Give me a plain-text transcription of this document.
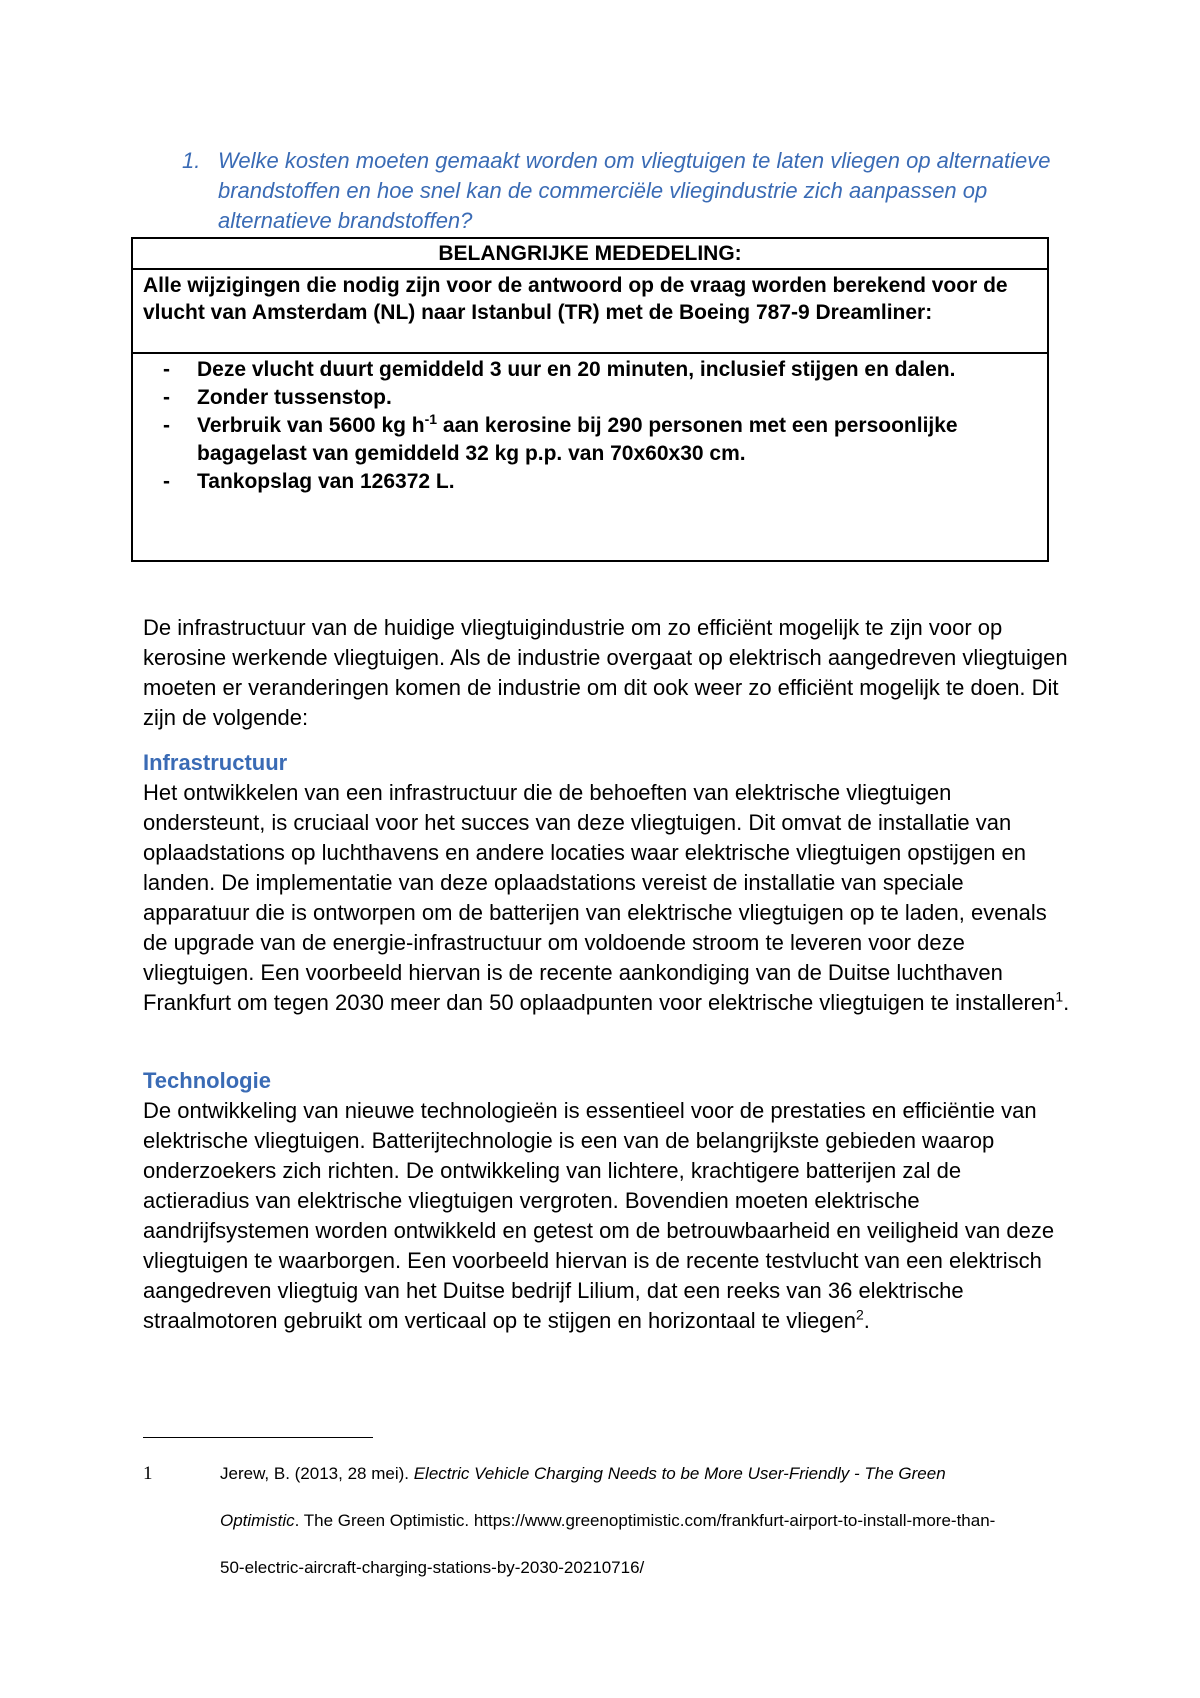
1. Welke kosten moeten gemaakt worden om vliegtuigen te laten vliegen op alternatieve brandstoffen en hoe snel kan de commerciële vliegindustrie zich aanpassen op alternatieve brandstoffen?
BELANGRIJKE MEDEDELING:
Alle wijzigingen die nodig zijn voor de antwoord op de vraag worden berekend voor de vlucht van Amsterdam (NL) naar Istanbul (TR) met de Boeing 787-9 Dreamliner:
- Deze vlucht duurt gemiddeld 3 uur en 20 minuten, inclusief stijgen en dalen.
- Zonder tussenstop.
- Verbruik van 5600 kg $h^{-1}$ aan kerosine bij 290 personen met een persoonlijke bagagelast van gemiddeld 32 kg p.p. van 70x60x30 cm.
- Tankopslag van 126372 L.

De infrastructuur van de huidige vliegtuigindustrie om zo efficiënt mogelijk te zijn voor op kerosine werkende vliegtuigen. Als de industrie overgaat op elektrisch aangedreven vliegtuigen moeten er veranderingen komen de industrie om dit ook weer zo efficiënt mogelijk te doen. Dit zijn de volgende:

Infrastructuur

Het ontwikkelen van een infrastructuur die de behoeften van elektrische vliegtuigen ondersteunt, is cruciaal voor het succes van deze vliegtuigen. Dit omvat de installatie van oplaadstations op luchthavens en andere locaties waar elektrische vliegtuigen opstijgen en landen. De implementatie van deze oplaadstations vereist de installatie van speciale apparatuur die is ontworpen om de batterijen van elektrische vliegtuigen op te laden, evenals de upgrade van de energie-infrastructuur om voldoende stroom te leveren voor deze vliegtuigen. Een voorbeeld hiervan is de recente aankondiging van de Duitse luchthaven Frankfurt om tegen 2030 meer dan 50 oplaadpunten voor elektrische vliegtuigen te installeren$^1$.

Technologie

De ontwikkeling van nieuwe technologieën is essentieel voor de prestaties en efficiëntie van elektrische vliegtuigen. Batterijtechnologie is een van de belangrijkste gebieden waarop onderzoekers zich richten. De ontwikkeling van lichtere, krachtigere batterijen zal de actieradius van elektrische vliegtuigen vergroten. Bovendien moeten elektrische aandrijfsystemen worden ontwikkeld en getest om de betrouwbaarheid en veiligheid van deze vliegtuigen te waarborgen. Een voorbeeld hiervan is de recente testvlucht van een elektrisch aangedreven vliegtuig van het Duitse bedrijf Lilium, dat een reeks van 36 elektrische straalmotoren gebruikt om verticaal op te stijgen en horizontaal te vliegen$^2$.

1	Jerew, B. (2013, 28 mei). Electric Vehicle Charging Needs to be More User-Friendly - The Green
Optimistic. The Green Optimistic. https://www.greenoptimistic.com/frankfurt-airport-to-install-more-than-
50-electric-aircraft-charging-stations-by-2030-20210716/
